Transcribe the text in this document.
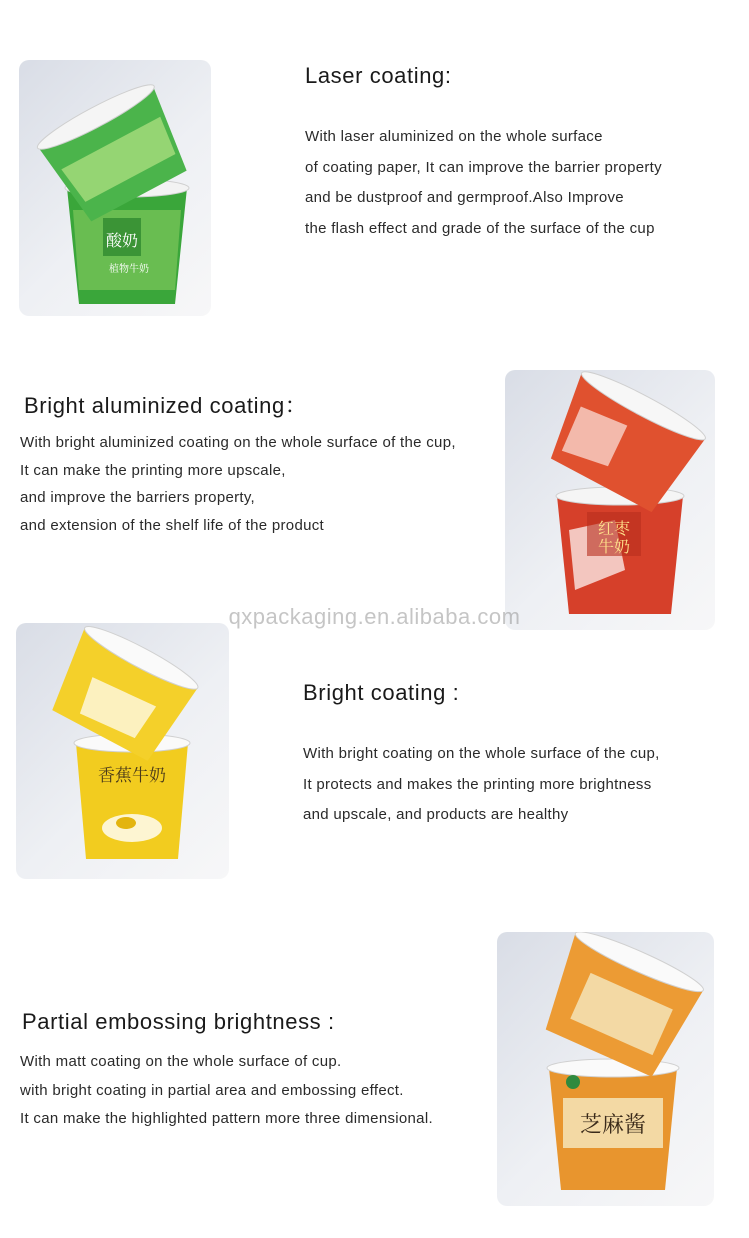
酸奶
植物牛奶
Laser coating:

With laser aluminized on the whole surface

of coating paper, It can improve the barrier property

and be dustproof and germproof.Also Improve

the flash effect and grade of the surface of the cup

Bright aluminized coating：

With bright aluminized coating on the whole surface of the cup,

It can make the printing more upscale,

and improve the barriers property,

and extension of the shelf life of the product	红枣
牛奶
qxpackaging.en.alibaba.com
香蕉牛奶
Bright coating :

With bright coating on the whole surface of the cup,

It protects and makes the printing more brightness

and upscale, and products are healthy

Partial embossing brightness :

With matt coating on the whole surface of cup.

with bright coating in partial area and embossing effect.

It can make the highlighted pattern more three dimensional.	芝麻酱
